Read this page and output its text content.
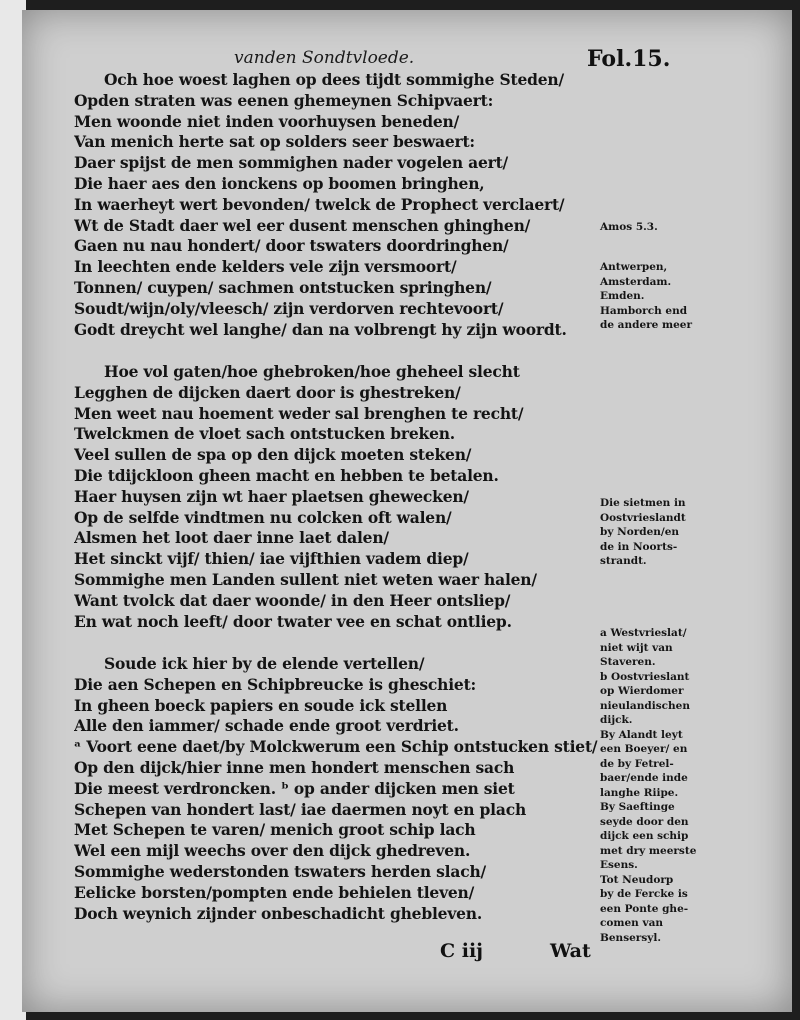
vanden Sondtvloede.	Fol.15.
Och hoe woest laghen op dees tijdt sommighe Steden/
Opden straten was eenen ghemeynen Schipvaert:
Men woonde niet inden voorhuysen beneden/
Van menich herte sat op solders seer beswaert:
Daer spijst de men sommighen nader vogelen aert/
Die haer aes den ionckens op boomen bringhen,
In waerheyt wert bevonden/ twelck de Prophect verclaert/
Wt de Stadt daer wel eer dusent menschen ghinghen/
Gaen nu nau hondert/ door tswaters doordringhen/
In leechten ende kelders vele zijn versmoort/
Tonnen/ cuypen/ sachmen ontstucken springhen/
Soudt/wijn/oly/vleesch/ zijn verdorven rechtevoort/
Godt dreycht wel langhe/ dan na volbrengt hy zijn woordt.
Hoe vol gaten/hoe ghebroken/hoe gheheel slecht
Legghen de dijcken daert door is ghestreken/
Men weet nau hoement weder sal brenghen te recht/
Twelckmen de vloet sach ontstucken breken.
Veel sullen de spa op den dijck moeten steken/
Die tdijckloon gheen macht en hebben te betalen.
Haer huysen zijn wt haer plaetsen ghewecken/
Op de selfde vindtmen nu colcken oft walen/
Alsmen het loot daer inne laet dalen/
Het sinckt vijf/ thien/ iae vijfthien vadem diep/
Sommighe men Landen sullent niet weten waer halen/
Want tvolck dat daer woonde/ in den Heer ontsliep/
En wat noch leeft/ door twater vee en schat ontliep.
Soude ick hier by de elende vertellen/
Die aen Schepen en Schipbreucke is gheschiet:
In gheen boeck papiers en soude ick stellen
Alle den iammer/ schade ende groot verdriet.
ᵃ Voort eene daet/by Molckwerum een Schip ontstucken stiet/
Op den dijck/hier inne men hondert menschen sach
Die meest verdroncken. ᵇ op ander dijcken men siet
Schepen van hondert last/ iae daermen noyt en plach
Met Schepen te varen/ menich groot schip lach
Wel een mijl weechs over den dijck ghedreven.
Sommighe wederstonden tswaters herden slach/
Eelicke borsten/pompten ende behielen tleven/
Doch weynich zijnder onbeschadicht ghebleven.
Amos 5.3.
Antwerpen,
Amsterdam.
Emden.
Hamborch end
de andere meer
Die sietmen in
Oostvrieslandt
by Norden/en
de in Noorts-
strandt.
a Westvrieslat/
niet wijt van
Staveren.
b Oostvrieslant
op Wierdomer
nieulandischen
dijck.
By Alandt leyt
een Boeyer/ en
de by Fetrel-
baer/ende inde
langhe Riipe.
By Saeftinge
seyde door den
dijck een schip
met dry meerste
Esens.
Tot Neudorp
by de Fercke is
een Ponte ghe-
comen van
Bensersyl.
C iij	Wat
